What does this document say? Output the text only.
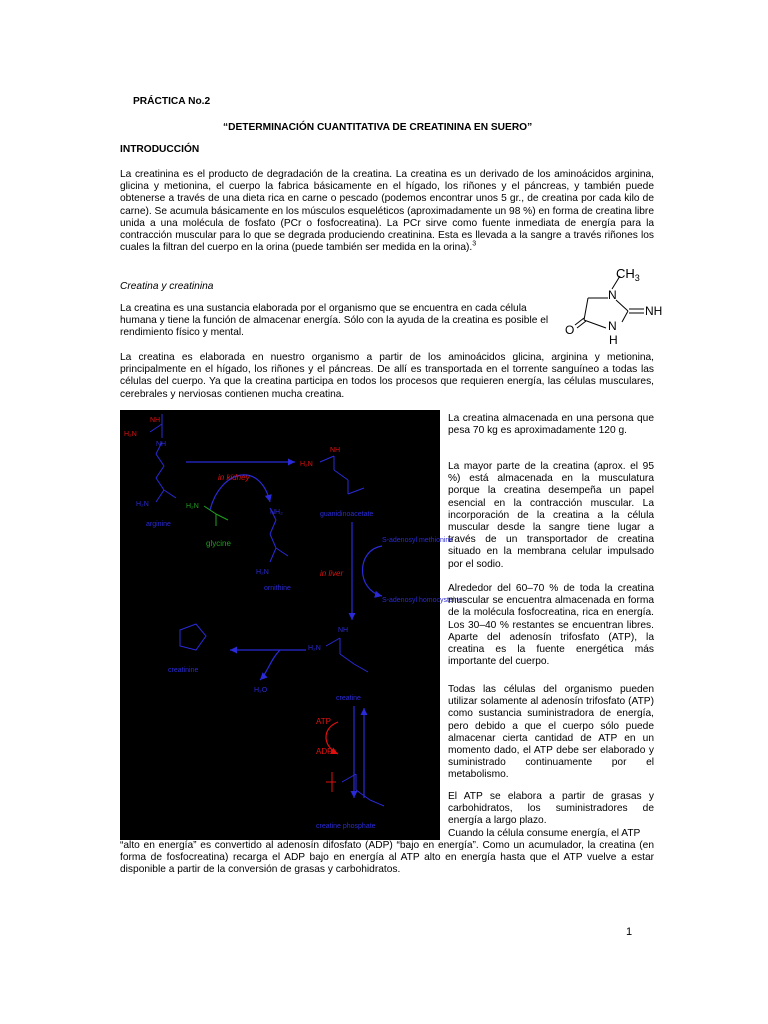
PRÁCTICA No.2
“DETERMINACIÓN CUANTITATIVA DE CREATININA EN SUERO”
INTRODUCCIÓN
La creatinina es el producto de degradación de la creatina. La creatina es un derivado de los aminoácidos arginina, glicina y metionina, el cuerpo la fabrica básicamente en el hígado, los riñones y el páncreas, y también puede obtenerse a través de una dieta rica en carne o pescado (podemos encontrar unos 5 gr., de creatina por cada kilo de carne). Se acumula básicamente en los músculos esqueléticos (aproximadamente un 98 %) en forma de creatina libre unida a una molécula de fosfato (PCr o fosfocreatina). La PCr sirve como fuente inmediata de energía para la contracción muscular para lo que se degrada produciendo creatinina. Esta es llevada a la sangre a través riñones los cuales la filtran del cuerpo en la orina (puede también ser medida en la orina).$^3$
Creatina y creatinina
$CH_3$
N
NH
O	N
H
La creatina es una sustancia elaborada por el organismo que se encuentra en cada célula humana y tiene la función de almacenar energía. Sólo con la ayuda de la creatina es posible el rendimiento físico y mental.
La creatina es elaborada en nuestro organismo a partir de los aminoácidos glicina, arginina y metionina, principalmente en el hígado, los riñones y el páncreas. De allí es transportada en el torrente sanguíneo a todas las células del cuerpo. Ya que la creatina participa en todos los procesos que requieren energía, las células musculares, cerebrales y nerviosas contienen mucha creatina.
NH
H₂N
NH
H₂N
arginine
in kidney
H₂N
glycine
NH
H₂N
guanidinoacetate
NH₂
H₂N
ornithine
S-adenosyl methionine
in liver
S-adenosyl homocysteine
NH
H₂N
creatine
H₂O
creatinine
ATP
ADP
creatine phosphate
La creatina almacenada en una persona que pesa 70 kg es aproximadamente 120 g.
La mayor parte de la creatina (aprox. el 95 %) está almacenada en la musculatura porque la creatina desempeña un papel esencial en la contracción muscular. La incorporación de la creatina a la célula muscular desde la sangre tiene lugar a través de un transportador de creatina situado en la membrana celular impulsado por el sodio.
Alrededor del 60–70 % de toda la creatina muscular se encuentra almacenada en forma de la molécula fosfocreatina, rica en energía. Los 30–40 % restantes se encuentran libres. Aparte del adenosín trifosfato (ATP), la creatina es la fuente energética más importante del cuerpo.
Todas las células del organismo pueden utilizar solamente al adenosín trifosfato (ATP) como sustancia suministradora de energía, pero debido a que el cuerpo sólo puede almacenar cierta cantidad de ATP en un momento dado, el ATP debe ser elaborado y suministrado continuamente por el metabolismo.
El ATP se elabora a partir de grasas y carbohidratos, los suministradores de energía a largo plazo.
Cuando la célula consume energía, el ATP
“alto en energía” es convertido al adenosín difosfato (ADP) “bajo en energía”. Como un acumulador, la creatina (en forma de fosfocreatina) recarga el ADP bajo en energía al ATP alto en energía hasta que el ATP vuelve a estar disponible a partir de la conversión de grasas y carbohidratos.
1
